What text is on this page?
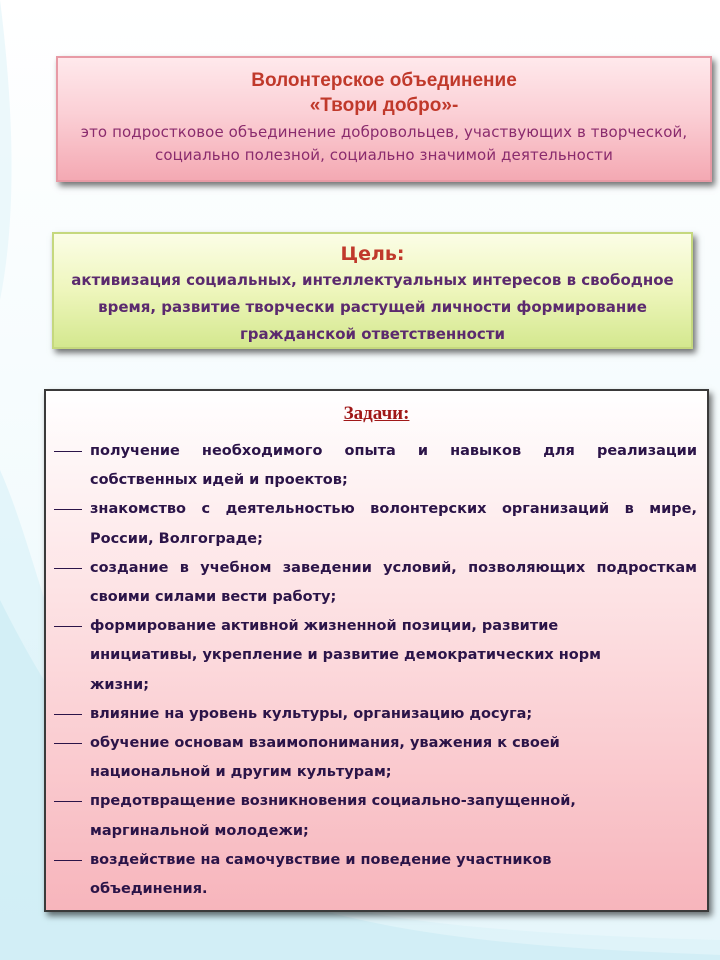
Волонтерское объединение
«Твори добро»-
это подростковое объединение добровольцев, участвующих в творческой, социально полезной, социально значимой деятельности
Цель:
активизация социальных, интеллектуальных интересов в свободное время, развитие творчески растущей личности формирование гражданской ответственности
Задачи:
получение необходимого опыта и навыков для реализации собственных идей и проектов;
знакомство с деятельностью волонтерских организаций в мире, России, Волгограде;
создание в учебном заведении условий, позволяющих подросткам своими силами вести работу;
формирование активной жизненной позиции, развитие инициативы, укрепление и развитие демократических норм жизни;
влияние на уровень культуры, организацию досуга;
обучение основам взаимопонимания, уважения к своей национальной и другим культурам;
предотвращение возникновения социально-запущенной, маргинальной молодежи;
воздействие на самочувствие и поведение участников объединения.
